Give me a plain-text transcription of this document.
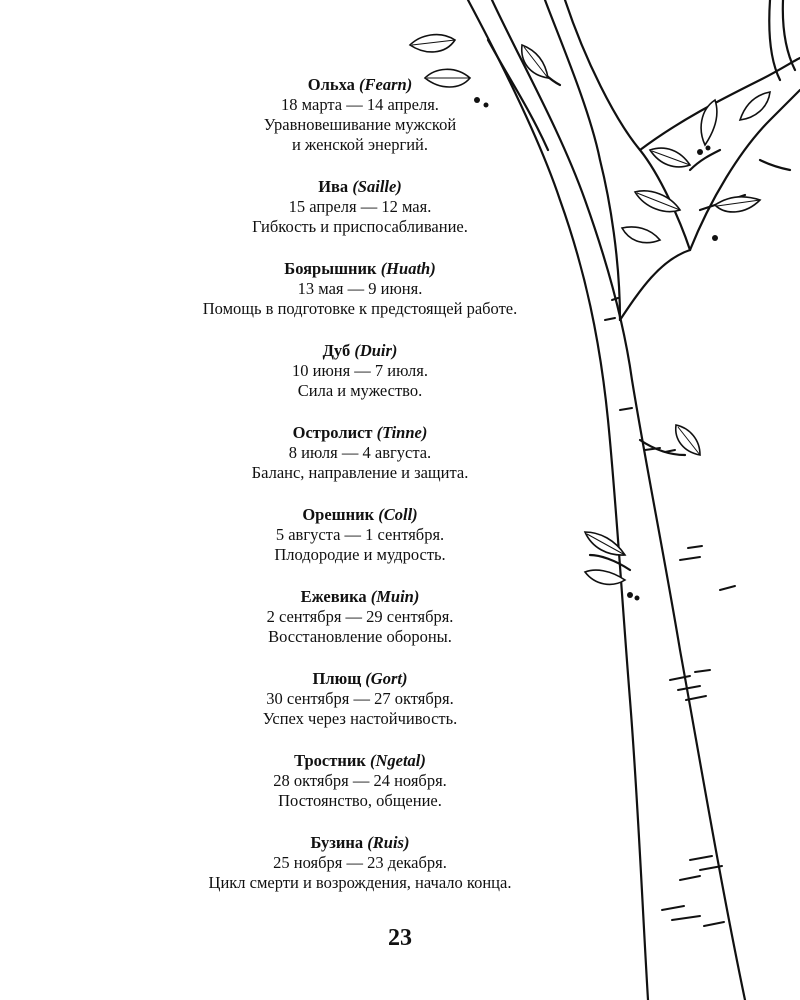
Ольха (Fearn)
18 марта — 14 апреля.
Уравновешивание мужской
и женской энергий.
Ива (Saille)
15 апреля — 12 мая.
Гибкость и приспосабливание.
Боярышник (Huath)
13 мая — 9 июня.
Помощь в подготовке к предстоящей работе.
Дуб (Duir)
10 июня — 7 июля.
Сила и мужество.
Остролист (Tinne)
8 июля — 4 августа.
Баланс, направление и защита.
Орешник (Coll)
5 августа — 1 сентября.
Плодородие и мудрость.
Ежевика (Muin)
2 сентября — 29 сентября.
Восстановление обороны.
Плющ (Gort)
30 сентября — 27 октября.
Успех через настойчивость.
Тростник (Ngetal)
28 октября — 24 ноября.
Постоянство, общение.
Бузина (Ruis)
25 ноября — 23 декабря.
Цикл смерти и возрождения, начало конца.
23
